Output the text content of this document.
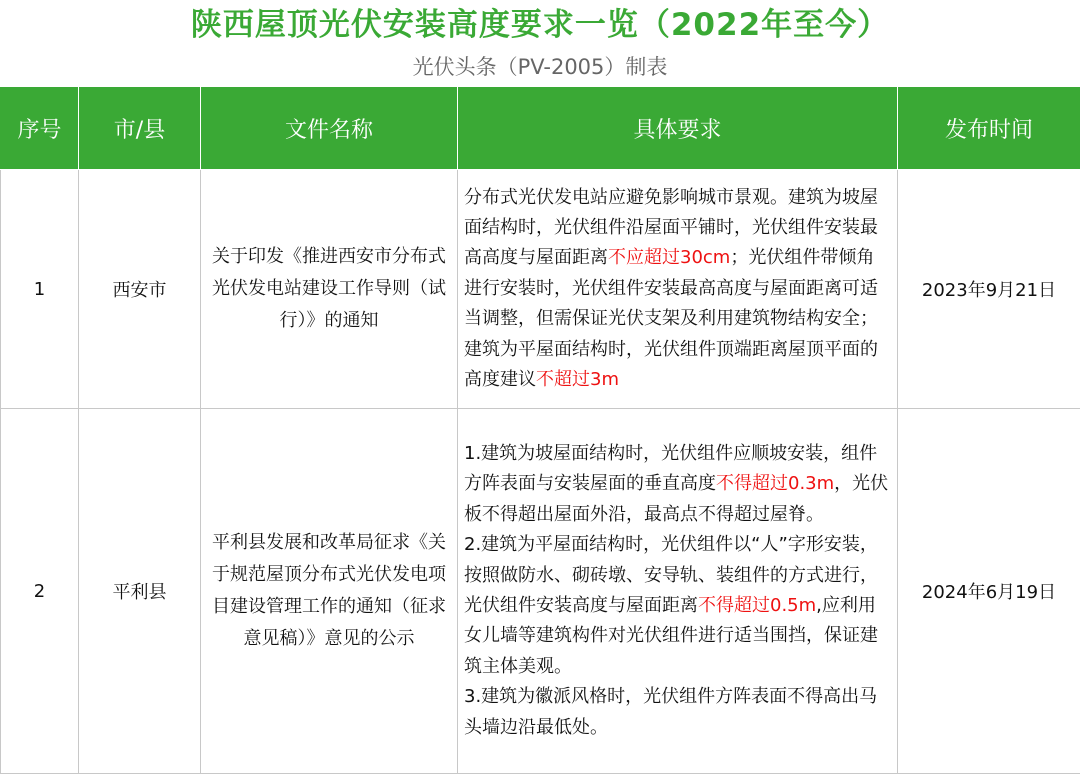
陕西屋顶光伏安装高度要求一览（2022年至今）
光伏头条（PV-2005）制表
序号	市/县	文件名称	具体要求	发布时间
1	西安市	关于印发《推进西安市分布式光伏发电站建设工作导则（试行）》的通知	分布式光伏发电站应避免影响城市景观。建筑为坡屋面结构时，光伏组件沿屋面平铺时，光伏组件安装最高高度与屋面距离不应超过30cm；光伏组件带倾角进行安装时，光伏组件安装最高高度与屋面距离可适当调整，但需保证光伏支架及利用建筑物结构安全；建筑为平屋面结构时，光伏组件顶端距离屋顶平面的高度建议不超过3m	2023年9月21日
2	平利县	平利县发展和改革局征求《关于规范屋顶分布式光伏发电项目建设管理工作的通知（征求意见稿）》意见的公示	1.建筑为坡屋面结构时，光伏组件应顺坡安装，组件方阵表面与安装屋面的垂直高度不得超过0.3m，光伏板不得超出屋面外沿，最高点不得超过屋脊。
2.建筑为平屋面结构时，光伏组件以“人”字形安装，按照做防水、砌砖墩、安导轨、装组件的方式进行，光伏组件安装高度与屋面距离不得超过0.5m,应利用女儿墙等建筑构件对光伏组件进行适当围挡，保证建筑主体美观。
3.建筑为徽派风格时，光伏组件方阵表面不得高出马头墙边沿最低处。	2024年6月19日
